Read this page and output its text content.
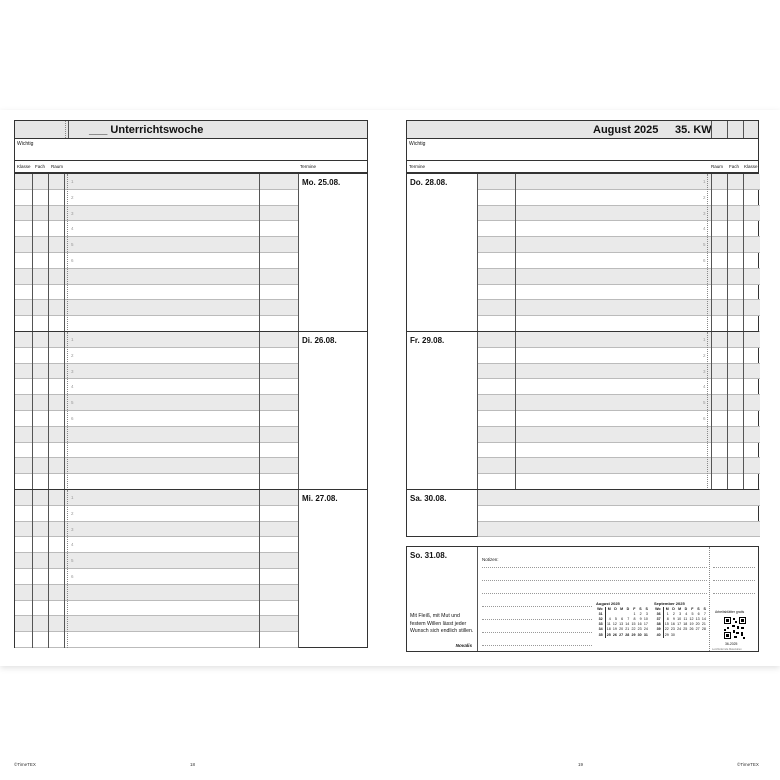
___ Unterrichtswoche
Wichtig
Klasse Fach Raum	Termine
1
2
3
4
5
6
Mo. 25.08.
1
2
3
4
5
6
Di. 26.08.
1
2
3
4
5
6
Mi. 27.08.
©TimeTEX	18
August 2025 35. KW
Wichtig
Termine	Raum Fach Klasse
1
2
3
4
5
6
Do. 28.08.
1
2
3
4
5
6
Fr. 29.08.
Sa. 30.08.
So. 31.08.	Notizen:
Mit Fleiß, mit Mut und festem Willen lässt jeder Wunsch sich endlich stillen.
Novalis
August 2025
Wo	M	D	M	D	F	S	S
31					1	2	3
32	4	5	6	7	8	9	10
33	11	12	13	14	15	16	17
34	18	19	20	21	22	23	24
35	25	26	27	28	29	30	31
September 2025
Wo	M	D	M	D	F	S	S
36	1	2	3	4	5	6	7
37	8	9	10	11	12	13	14
38	15	16	17	18	19	20	21
39	22	23	24	25	26	27	28
40	29	30					
Arbeitsblätter gratis
36-2025
Lernfördernde Materialien
19	©TimeTEX
